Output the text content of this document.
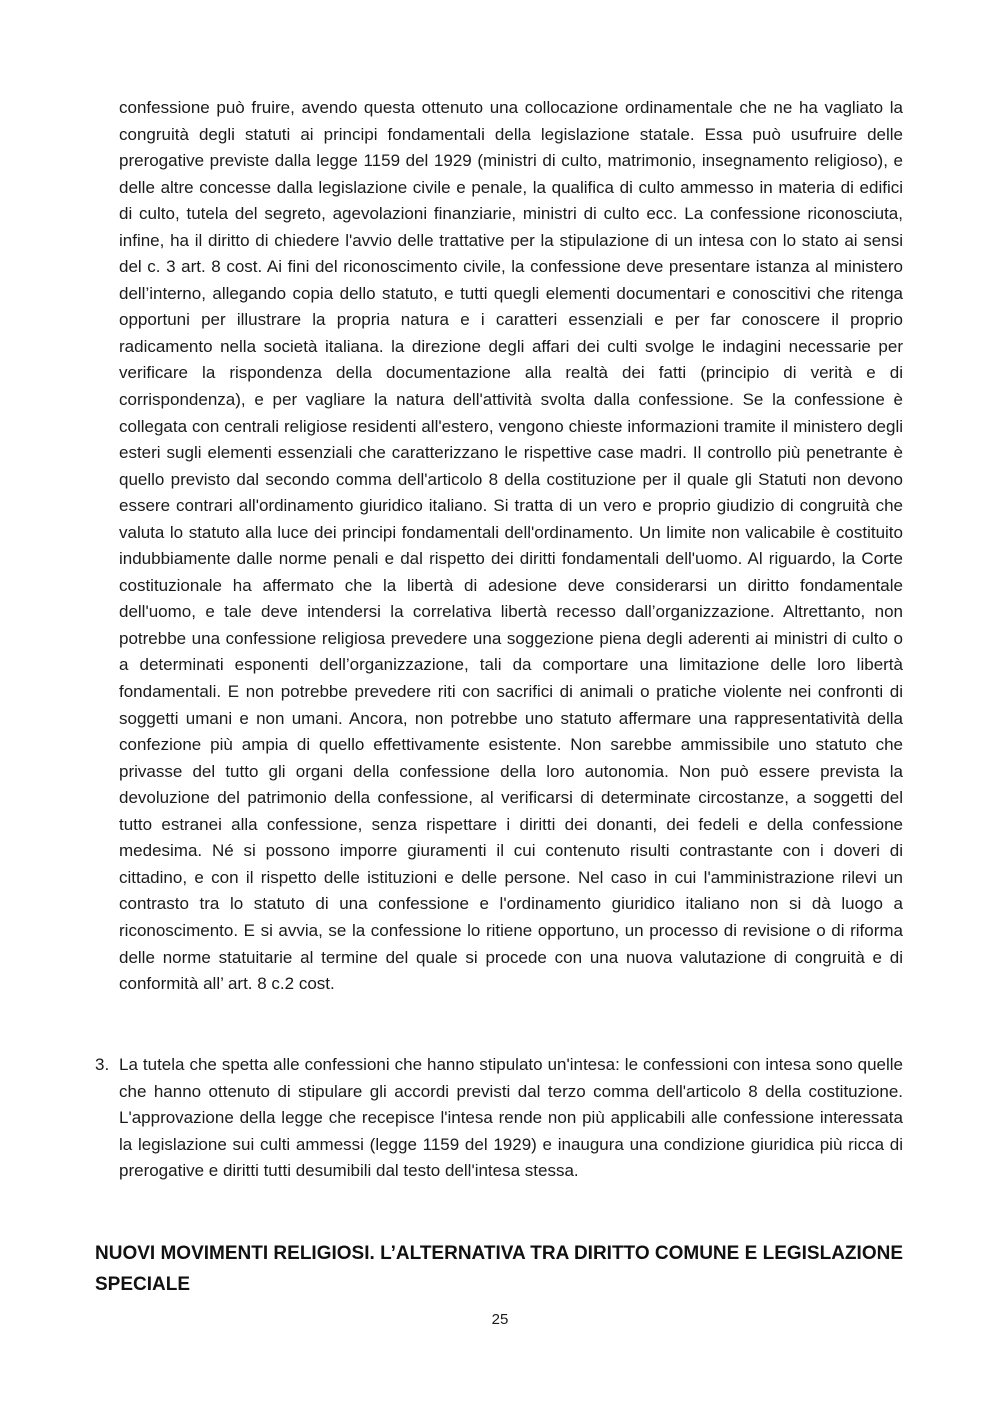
confessione può fruire, avendo questa ottenuto una collocazione ordinamentale che ne ha vagliato la congruità degli statuti ai principi fondamentali della legislazione statale. Essa può usufruire delle prerogative previste dalla legge 1159 del 1929 (ministri di culto, matrimonio, insegnamento religioso), e delle altre concesse dalla legislazione civile e penale, la qualifica di culto ammesso in materia di edifici di culto, tutela del segreto, agevolazioni finanziarie, ministri di culto ecc. La confessione riconosciuta, infine, ha il diritto di chiedere l'avvio delle trattative per la stipulazione di un intesa con lo stato ai sensi del c. 3 art. 8 cost. Ai fini del riconoscimento civile, la confessione deve presentare istanza al ministero dell’interno, allegando copia dello statuto, e tutti quegli elementi documentari e conoscitivi che ritenga opportuni per illustrare la propria natura e i caratteri essenziali e per far conoscere il proprio radicamento nella società italiana. la direzione degli affari dei culti svolge le indagini necessarie per verificare la rispondenza della documentazione alla realtà dei fatti (principio di verità e di corrispondenza), e per vagliare la natura dell'attività svolta dalla confessione. Se la confessione è collegata con centrali religiose residenti all'estero, vengono chieste informazioni tramite il ministero degli esteri sugli elementi essenziali che caratterizzano le rispettive case madri. Il controllo più penetrante è quello previsto dal secondo comma dell'articolo 8 della costituzione per il quale gli Statuti non devono essere contrari all'ordinamento giuridico italiano. Si tratta di un vero e proprio giudizio di congruità che valuta lo statuto alla luce dei principi fondamentali dell'ordinamento. Un limite non valicabile è costituito indubbiamente dalle norme penali e dal rispetto dei diritti fondamentali dell'uomo. Al riguardo, la Corte costituzionale ha affermato che la libertà di adesione deve considerarsi un diritto fondamentale dell'uomo, e tale deve intendersi la correlativa libertà recesso dall’organizzazione. Altrettanto, non potrebbe una confessione religiosa prevedere una soggezione piena degli aderenti ai ministri di culto o a determinati esponenti dell’organizzazione, tali da comportare una limitazione delle loro libertà fondamentali. E non potrebbe prevedere riti con sacrifici di animali o pratiche violente nei confronti di soggetti umani e non umani. Ancora, non potrebbe uno statuto affermare una rappresentatività della confezione più ampia di quello effettivamente esistente. Non sarebbe ammissibile uno statuto che privasse del tutto gli organi della confessione della loro autonomia. Non può essere prevista la devoluzione del patrimonio della confessione, al verificarsi di determinate circostanze, a soggetti del tutto estranei alla confessione, senza rispettare i diritti dei donanti, dei fedeli e della confessione medesima. Né si possono imporre giuramenti il cui contenuto risulti contrastante con i doveri di cittadino, e con il rispetto delle istituzioni e delle persone. Nel caso in cui l'amministrazione rilevi un contrasto tra lo statuto di una confessione e l'ordinamento giuridico italiano non si dà luogo a riconoscimento. E si avvia, se la confessione lo ritiene opportuno, un processo di revisione o di riforma delle norme statuitarie al termine del quale si procede con una nuova valutazione di congruità e di conformità all’ art. 8 c.2 cost.

3. La tutela che spetta alle confessioni che hanno stipulato un'intesa: le confessioni con intesa sono quelle che hanno ottenuto di stipulare gli accordi previsti dal terzo comma dell'articolo 8 della costituzione. L'approvazione della legge che recepisce l'intesa rende non più applicabili alle confessione interessata la legislazione sui culti ammessi (legge 1159 del 1929) e inaugura una condizione giuridica più ricca di prerogative e diritti tutti desumibili dal testo dell'intesa stessa.

NUOVI MOVIMENTI RELIGIOSI. L’ALTERNATIVA TRA DIRITTO COMUNE E LEGISLAZIONE SPECIALE
25
